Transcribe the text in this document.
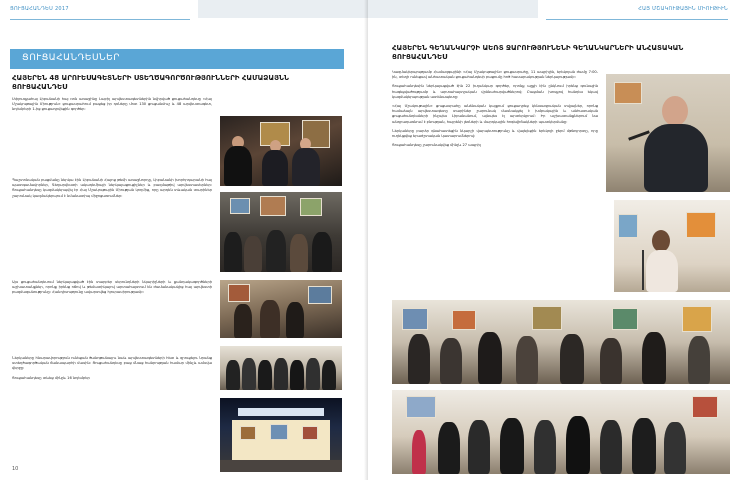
ՑՈՒՑԱՀԱՆԴԵՍ 2017
ՑՈՒՑԱՀԱՆԴԵՍՆԵՐ
ՀԱՅԵՐԵՆ 48 ԱՐՈՒԵՍԱԳԵՏՆԵՐԻ ՍՏԵՂԾԱԳՈՐԾՈՒԹՅՈՒՆՆԵՐԻ ՀԱՄԱՁԱՅՆՆ ՑՈՒՑԱՀԱՆԴԵՍ

Սփյուռքահայ Լիբանանի հայ ռոն առաջինը Լաբիլ արվեստագետներին նվիրված ցուցահանդեսը «Հայ Մշակութային Միություն» ցուցասրահում բացեց իր դռները մոտ 130 ցուցանմուշ և 48 արվեստագետ, նոյեմբերի 1-ից ցուցադրվեցին գործեր:

Պաշտոնական բացմանը ներկա էին Լիբանանի Հայոց թեմի առաջնորդը, Լիբանանի խորհրդարանի հայ պատգամավորներ, Գեղարվեստի ակադեմիայի ներկայացուցիչներ և բազմաթիվ արվեստասերներ: Ցուցահանդեսը կազմակերպվել էր Հայ Մշակութային Միության կողմից, որը արդեն տևական տարիներ շարունակ կազմակերպում է նմանատիպ միջոցառումներ:

Այս ցուցահանդեսում ներկայացված էին տարբեր սերունդների նկարիչների և քանդակագործների աշխատանքներ, որոնք իրենց ոճով և թեմատիկայով արտահայտում են ժամանակակից հայ արվեստի բազմազանությունը: Հանդիսությունը ավարտվեց հյուրասիրությամբ:

Ներկաները հնարավորություն ունեցան ծանոթանալու նաև արվեստագետների հետ և զրուցելու նրանց ստեղծագործական ճանապարհի մասին: Ցուցահանդեսը բաց մնաց հանրության համար մինչև ամսվա վերջը:

Ցուցահանդեսը տևեց մինչև 16 նոյեմբեր

10
ՀԱՅ ՄՇԱԿՈՒԹԱՅԻՆ ՄԻՈՒԹԻՒՆ
ՀԱՅԵՐԵՆ ԳԵՂԱՆԿԱՐՉԻ ԱԵՌՏ ՋԱՐՈՒԹՅՈՒՆԵՆԻ ԳԵՂԱՆԿԱՐՆԵՐԻ ԱՆՀԱՏԱԿԱՆ ՑՈՒՑԱՀԱՆԴԵՍ

Կազմակերպությամբ Համազգայինի «Հայ Մշակութային» ցուցասրահը, 11 ապրիլին, երեկոյան ժամը 7:00-ին, տեղի ունեցավ անհատական ցուցահանդեսի բացումը հոծ հասարակության ներկայությամբ:

Ցուցահանդեսին ներկայացված էին 22 իւղանկար գործեր, որոնք աչքի էին ընկնում իրենց գունային հագեցվածությամբ և արտահայտչական վրձնահարվածներով: Բացման խոսքով հանդես եկավ կազմակերպության ատենապետը:

«Հայ Մշակութային» ցուցասրահը անձնական կայքում ցուցադրեց կենսագրական տվյալներ, որոնց համաձայն արվեստագետը տարիներ շարունակ մասնակցել է խմբակային և անհատական ցուցահանդեսների ինչպես Լիբանանում, այնպես էլ արտերկրում: Իր աշխատանքներում նա անդրադառնում է բնության, հայրենի լեռների և մարդկային հոգեվիճակների պատկերմանը:

Ներկաները բարձր գնահատեցին նկարչի վարպետությունը և վայելեցին երեկոյի ջերմ մթնոլորտը, որը ուղեկցվեց երաժշտական կատարումներով:

Ցուցահանդեսը շարունակվեց մինչև 27 ապրիլ
